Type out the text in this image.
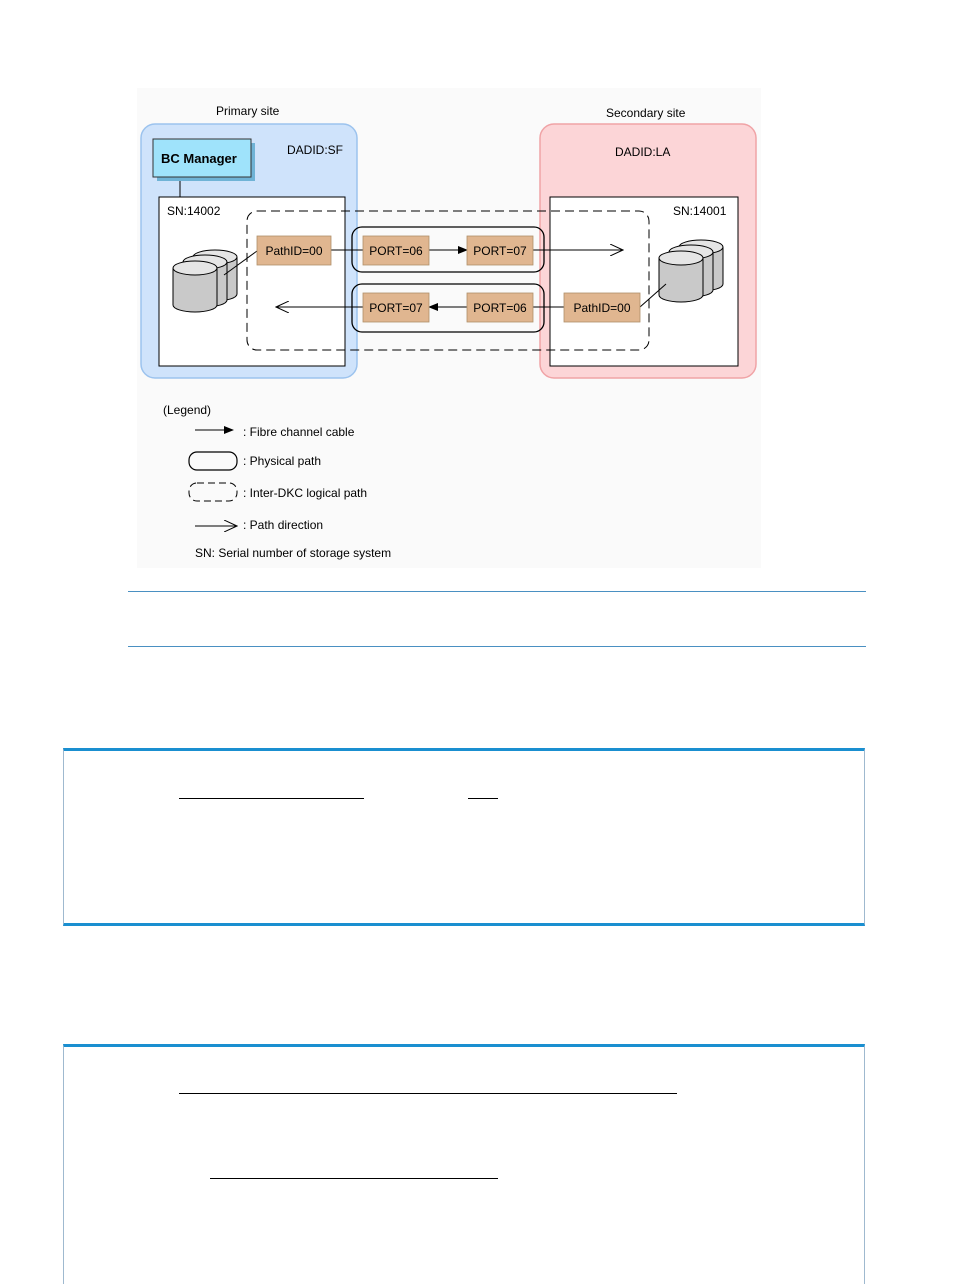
Primary site	Secondary site
BC Manager
DADID:SF	DADID:LA
SN:14002	SN:14001
PathID=00	PORT=06	PORT=07
PORT=07	PORT=06	PathID=00
(Legend)
: Fibre channel cable
: Physical path
: Inter-DKC logical path
: Path direction
SN: Serial number of storage system
